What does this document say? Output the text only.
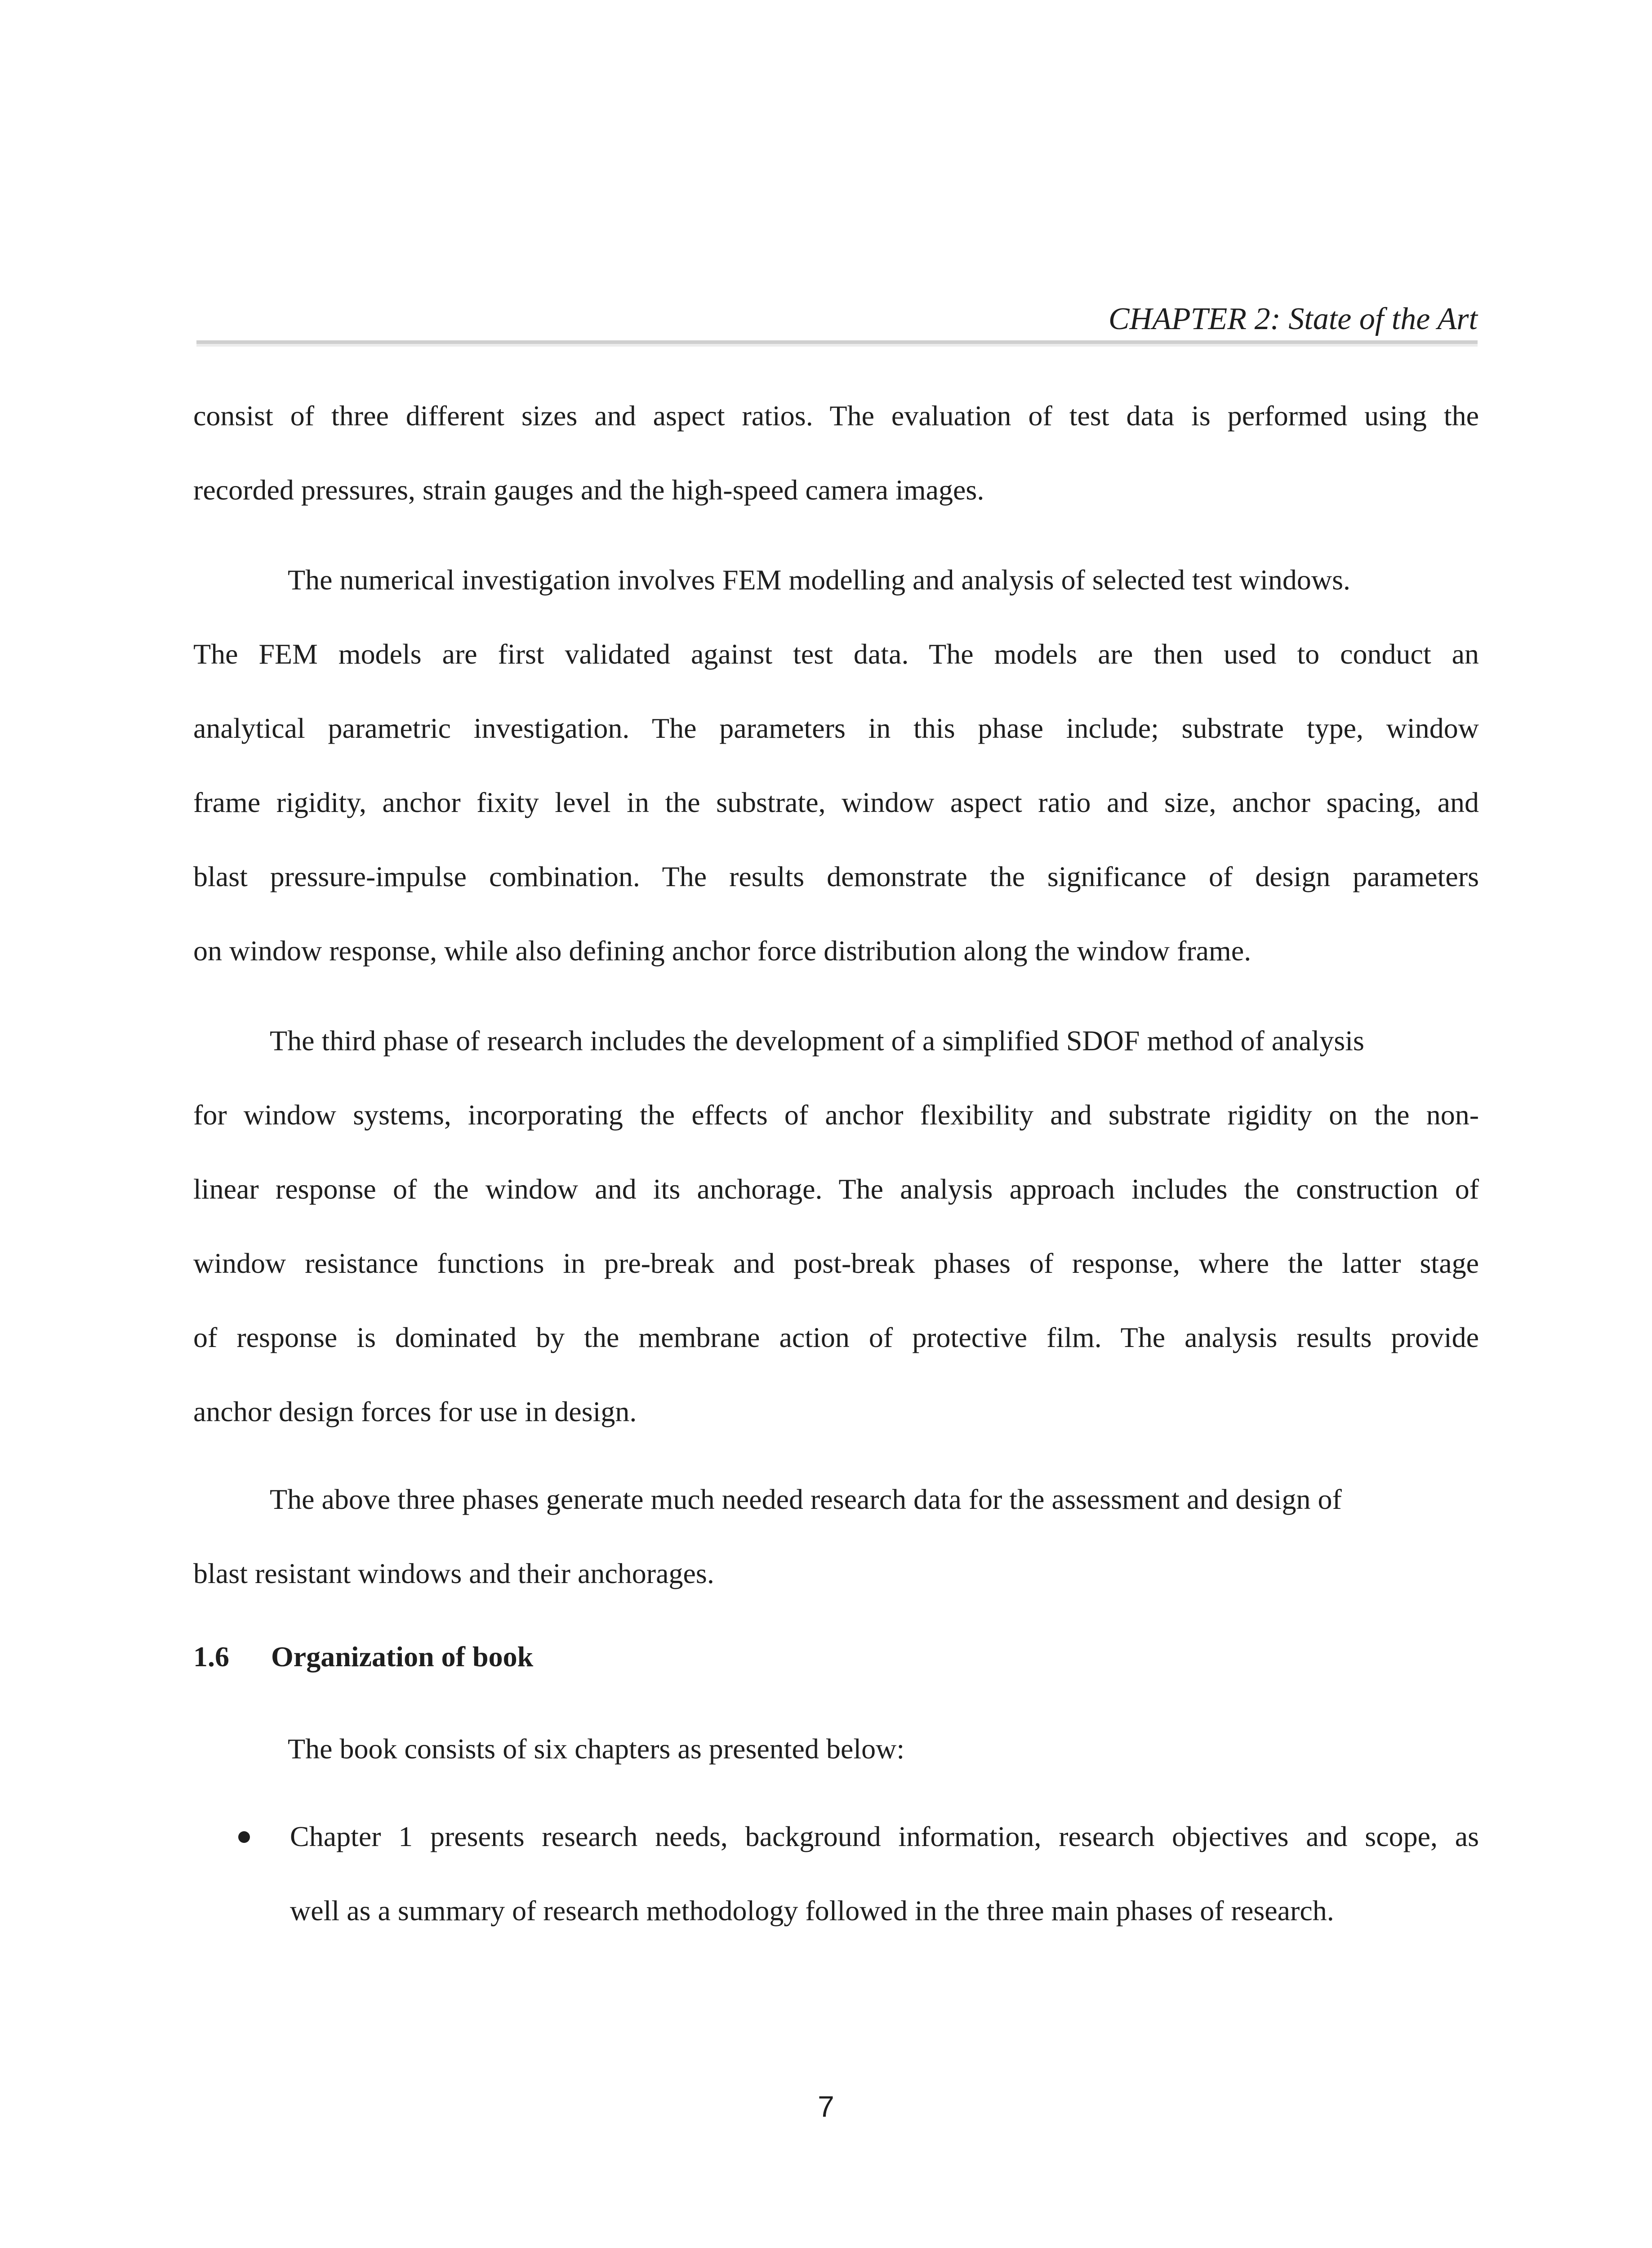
CHAPTER 2: State of the Art
consist of three different sizes and aspect ratios. The evaluation of test data is performed using the
recorded pressures, strain gauges and the high-speed camera images.
The numerical investigation involves FEM modelling and analysis of selected test windows.
The FEM models are first validated against test data. The models are then used to conduct an
analytical parametric investigation. The parameters in this phase include; substrate type, window
frame rigidity, anchor fixity level in the substrate, window aspect ratio and size, anchor spacing, and
blast pressure-impulse combination. The results demonstrate the significance of design parameters
on window response, while also defining anchor force distribution along the window frame.
The third phase of research includes the development of a simplified SDOF method of analysis
for window systems, incorporating the effects of anchor flexibility and substrate rigidity on the non-
linear response of the window and its anchorage. The analysis approach includes the construction of
window resistance functions in pre-break and post-break phases of response, where the latter stage
of response is dominated by the membrane action of protective film. The analysis results provide
anchor design forces for use in design.
The above three phases generate much needed research data for the assessment and design of
blast resistant windows and their anchorages.
1.6 Organization of book
The book consists of six chapters as presented below:
Chapter 1 presents research needs, background information, research objectives and scope, as
well as a summary of research methodology followed in the three main phases of research.
7
